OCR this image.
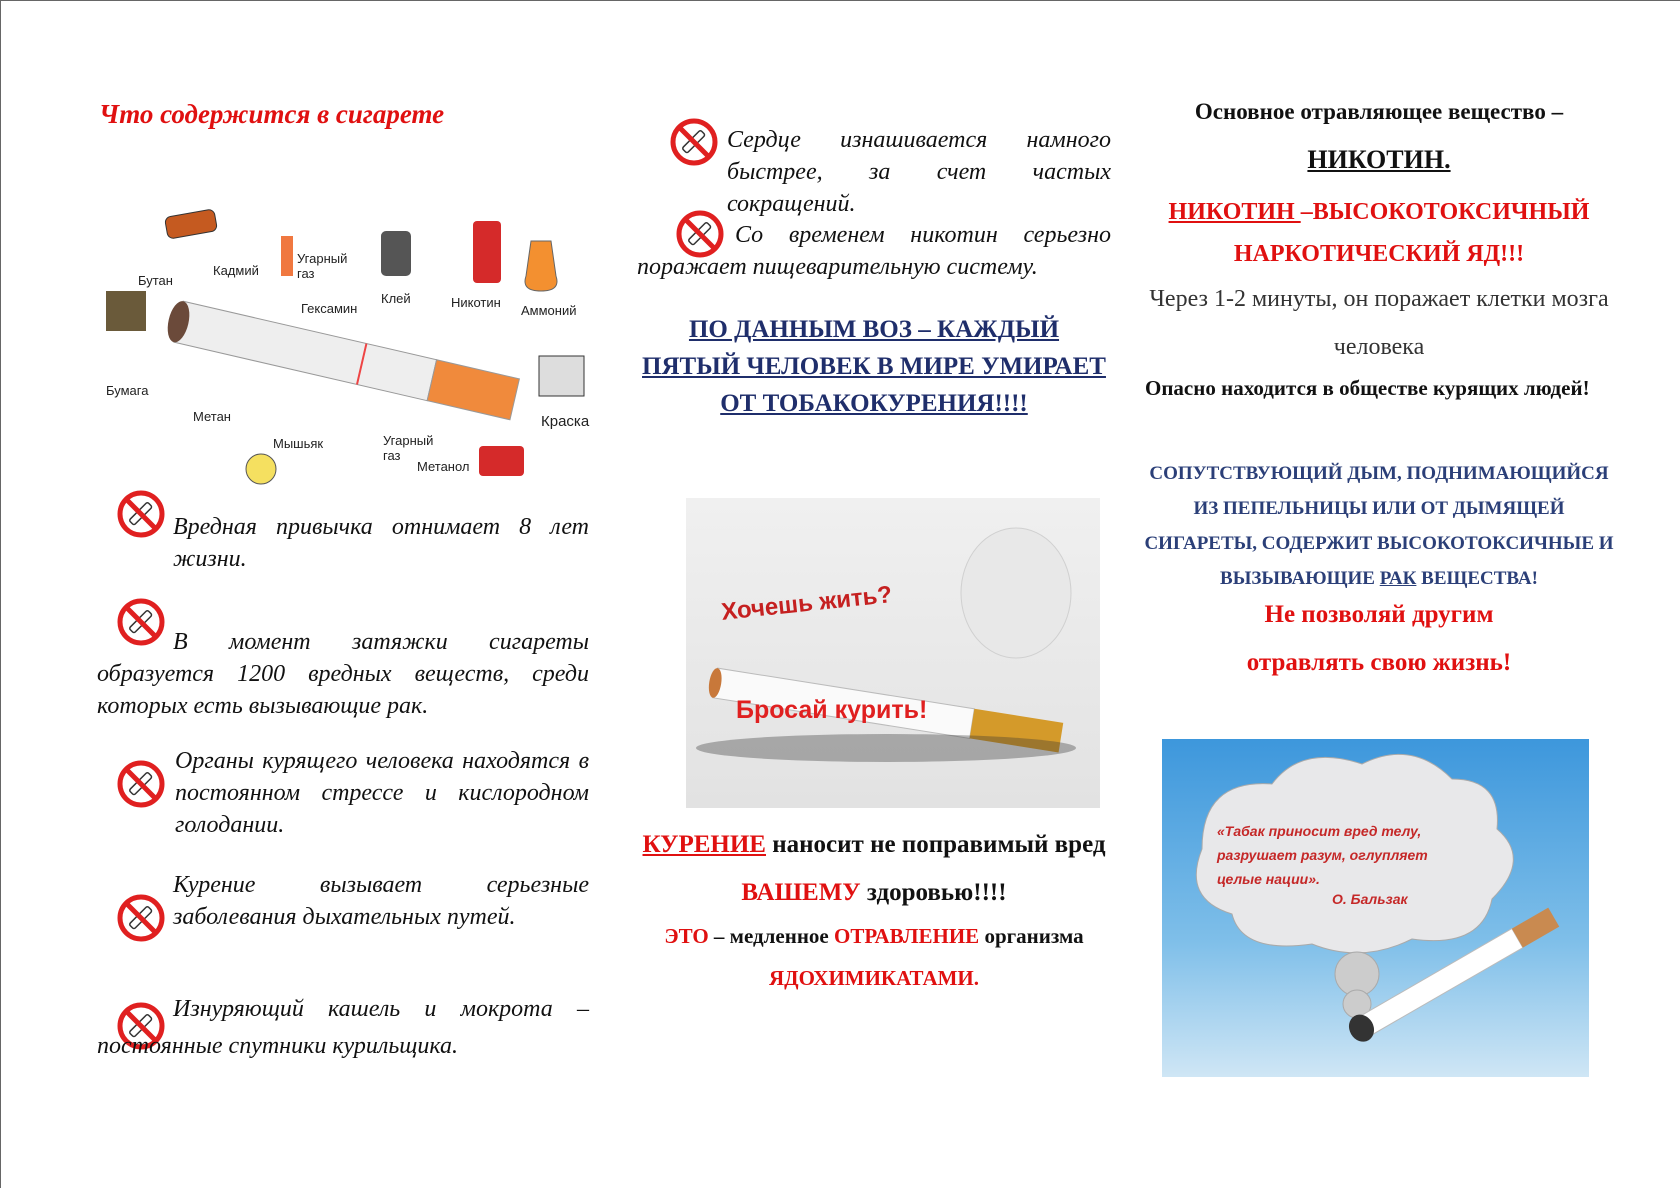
Что содержится в сигарете
Бутан
Кадмий
Угарный газ
Клей	Никотин
Аммоний
Гексамин
Бумага
Метан
Мышьяк	Угарный газ
Метанол
Краска
Вредная привычка отнимает 8 лет жизни.
В момент затяжки сигареты образуется 1200 вредных веществ, среди которых есть вызывающие рак.
Органы курящего человека находятся в постоянном стрессе и кислородном голодании.
Курение вызывает серьезные заболевания дыхательных путей.
Изнуряющий кашель и мокрота – постоянные спутники курильщика.
Сердце изнашивается намного быстрее, за счет частых сокращений.
Со временем никотин серьезно поражает пищеварительную систему.
ПО ДАННЫМ ВОЗ – КАЖДЫЙ ПЯТЫЙ ЧЕЛОВЕК В МИРЕ УМИРАЕТ ОТ ТОБАКОКУРЕНИЯ!!!!
Хочешь жить?
Бросай курить!
КУРЕНИЕ наносит не поправимый вред ВАШЕМУ здоровью!!!!
ЭТО – медленное ОТРАВЛЕНИЕ организма ЯДОХИМИКАТАМИ.
Основное отравляющее вещество –
НИКОТИН.
НИКОТИН –ВЫСОКОТОКСИЧНЫЙ НАРКОТИЧЕСКИЙ ЯД!!!
Через 1-2 минуты, он поражает клетки мозга человека
Опасно находится в обществе курящих людей!
СОПУТСТВУЮЩИЙ ДЫМ, ПОДНИМАЮЩИЙСЯ ИЗ ПЕПЕЛЬНИЦЫ ИЛИ ОТ ДЫМЯЩЕЙ СИГАРЕТЫ, СОДЕРЖИТ ВЫСОКОТОКСИЧНЫЕ И ВЫЗЫВАЮЩИЕ РАК ВЕЩЕСТВА!
Не позволяй другим отравлять свою жизнь!
«Табак приносит вред телу, разрушает разум, оглупляет целые нации».
О. Бальзак
